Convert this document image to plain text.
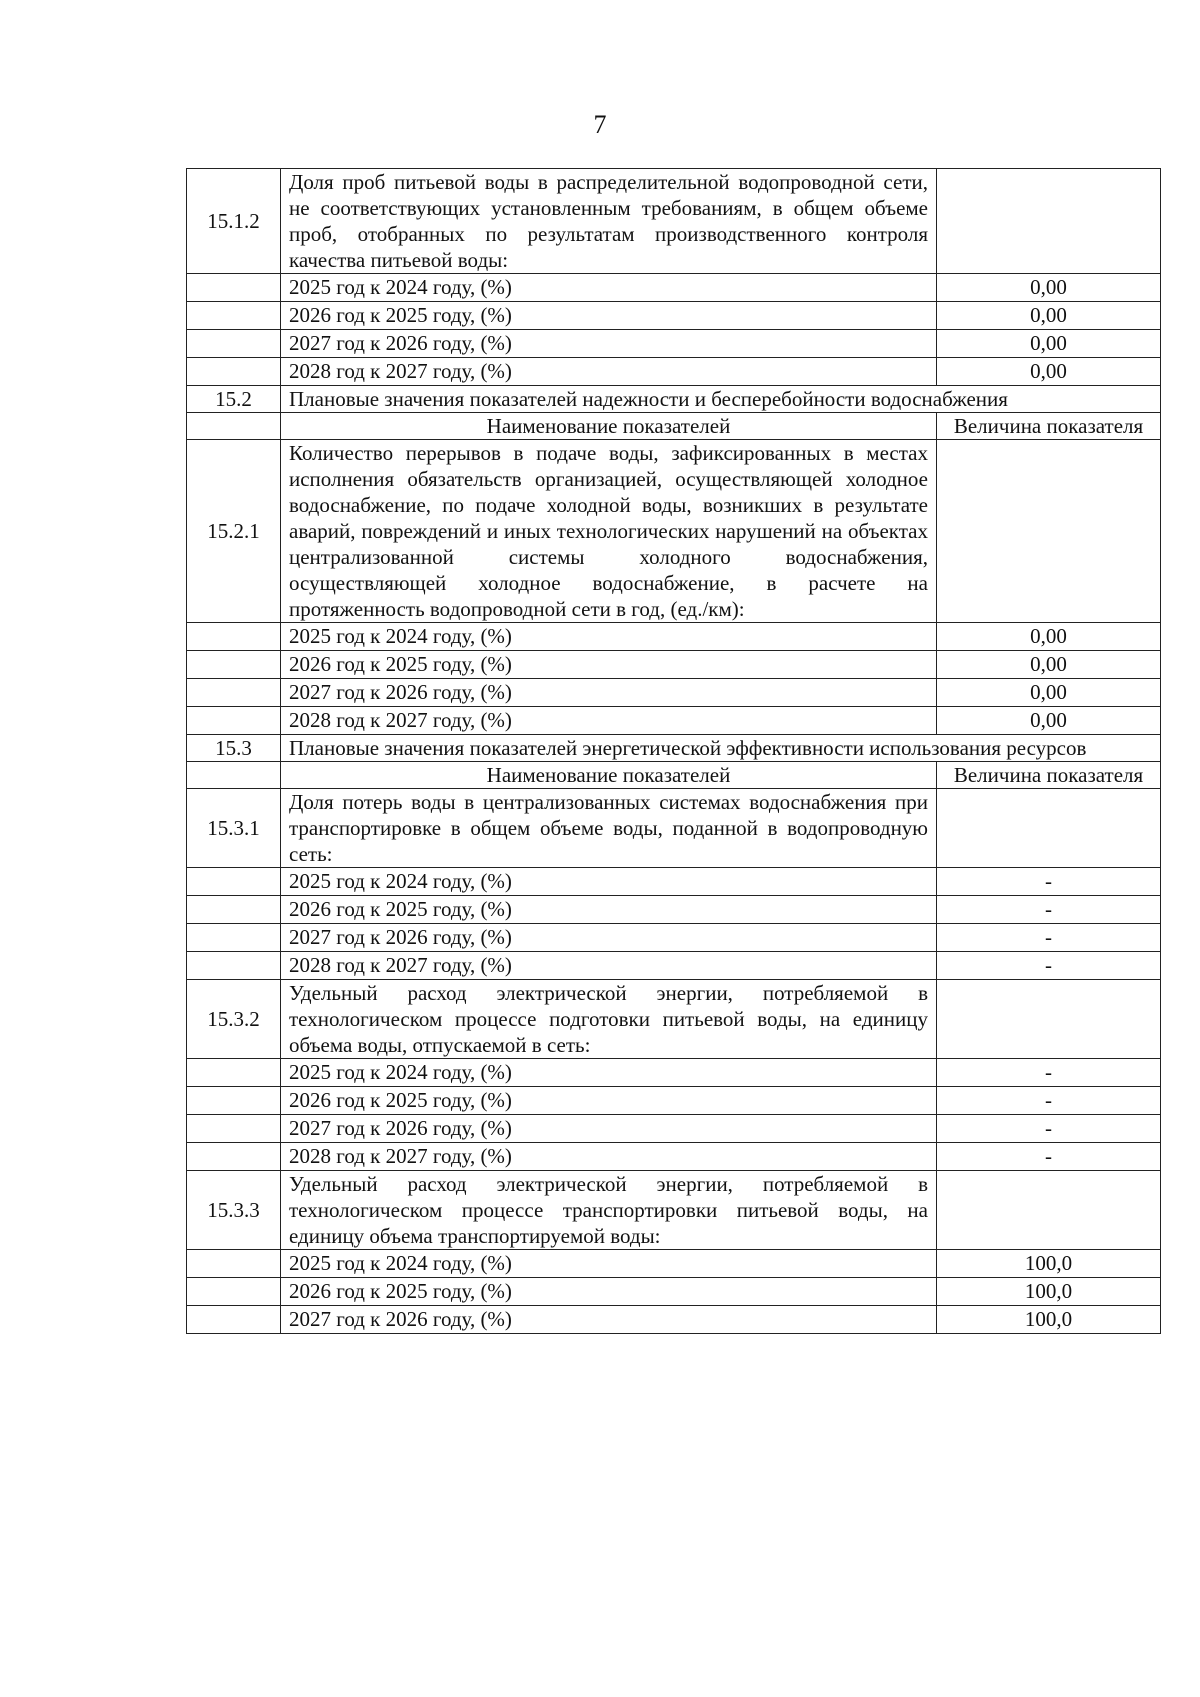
7
15.1.2	Доля проб питьевой воды в распределительной водопроводной сети, не соответствующих установленным требованиям, в общем объеме проб, отобранных по результатам производственного контроля качества питьевой воды:	
	2025 год к 2024 году, (%)	0,00
	2026 год к 2025 году, (%)	0,00
	2027 год к 2026 году, (%)	0,00
	2028 год к 2027 году, (%)	0,00
15.2	Плановые значения показателей надежности и бесперебойности водоснабжения	
	Наименование показателей	Величина показателя
15.2.1	Количество перерывов в подаче воды, зафиксированных в местах исполнения обязательств организацией, осуществляющей холодное водоснабжение, по подаче холодной воды, возникших в результате аварий, повреждений и иных технологических нарушений на объектах централизованной системы холодного водоснабжения, осуществляющей холодное водоснабжение, в расчете на протяженность водопроводной сети в год, (ед./км):	
	2025 год к 2024 году, (%)	0,00
	2026 год к 2025 году, (%)	0,00
	2027 год к 2026 году, (%)	0,00
	2028 год к 2027 году, (%)	0,00
15.3	Плановые значения показателей энергетической эффективности использования ресурсов	
	Наименование показателей	Величина показателя
15.3.1	Доля потерь воды в централизованных системах водоснабжения при транспортировке в общем объеме воды, поданной в водопроводную сеть:	
	2025 год к 2024 году, (%)	-
	2026 год к 2025 году, (%)	-
	2027 год к 2026 году, (%)	-
	2028 год к 2027 году, (%)	-
15.3.2	Удельный расход электрической энергии, потребляемой в технологическом процессе подготовки питьевой воды, на единицу объема воды, отпускаемой в сеть:	
	2025 год к 2024 году, (%)	-
	2026 год к 2025 году, (%)	-
	2027 год к 2026 году, (%)	-
	2028 год к 2027 году, (%)	-
15.3.3	Удельный расход электрической энергии, потребляемой в технологическом процессе транспортировки питьевой воды, на единицу объема транспортируемой воды:	
	2025 год к 2024 году, (%)	100,0
	2026 год к 2025 году, (%)	100,0
	2027 год к 2026 году, (%)	100,0
